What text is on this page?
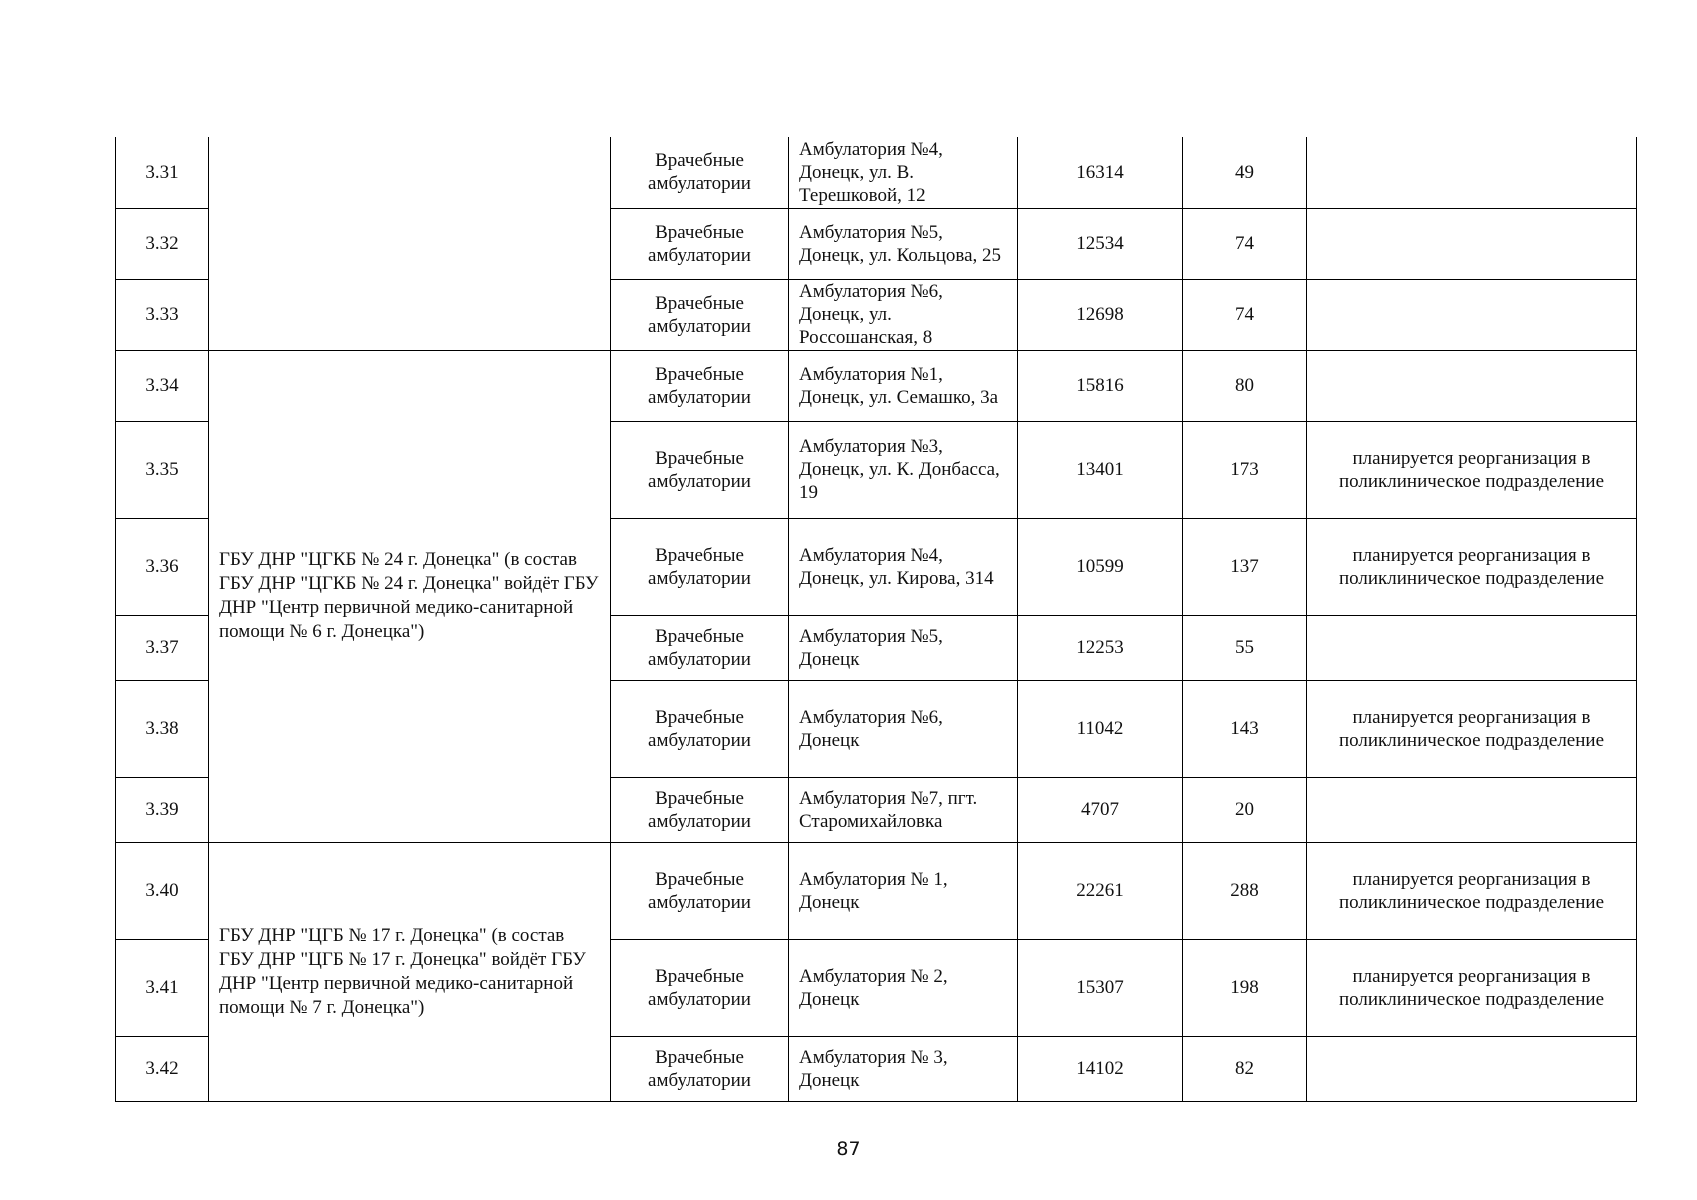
3.31		Врачебные амбулатории	Амбулатория №4, Донецк, ул. В. Терешковой, 12	16314	49	
3.32		Врачебные амбулатории	Амбулатория №5, Донецк, ул. Кольцова, 25	12534	74	
3.33		Врачебные амбулатории	Амбулатория №6, Донецк, ул. Россошанская, 8	12698	74	
3.34	ГБУ ДНР "ЦГКБ № 24 г. Донецка" (в состав ГБУ ДНР "ЦГКБ № 24 г. Донецка" войдёт ГБУ ДНР "Центр первичной медико-санитарной помощи № 6 г. Донецка")	Врачебные амбулатории	Амбулатория №1, Донецк, ул. Семашко, 3а	15816	80	
3.35		Врачебные амбулатории	Амбулатория №3, Донецк, ул. К. Донбасса, 19	13401	173	планируется реорганизация в поликлиническое подразделение
3.36		Врачебные амбулатории	Амбулатория №4, Донецк, ул. Кирова, 314	10599	137	планируется реорганизация в поликлиническое подразделение
3.37		Врачебные амбулатории	Амбулатория №5, Донецк	12253	55	
3.38		Врачебные амбулатории	Амбулатория №6, Донецк	11042	143	планируется реорганизация в поликлиническое подразделение
3.39		Врачебные амбулатории	Амбулатория №7, пгт. Старомихайловка	4707	20	
3.40	ГБУ ДНР "ЦГБ № 17 г. Донецка" (в состав ГБУ ДНР "ЦГБ № 17 г. Донецка" войдёт ГБУ ДНР "Центр первичной медико-санитарной помощи № 7 г. Донецка")	Врачебные амбулатории	Амбулатория № 1, Донецк	22261	288	планируется реорганизация в поликлиническое подразделение
3.41		Врачебные амбулатории	Амбулатория № 2, Донецк	15307	198	планируется реорганизация в поликлиническое подразделение
3.42		Врачебные амбулатории	Амбулатория № 3, Донецк	14102	82	
87
